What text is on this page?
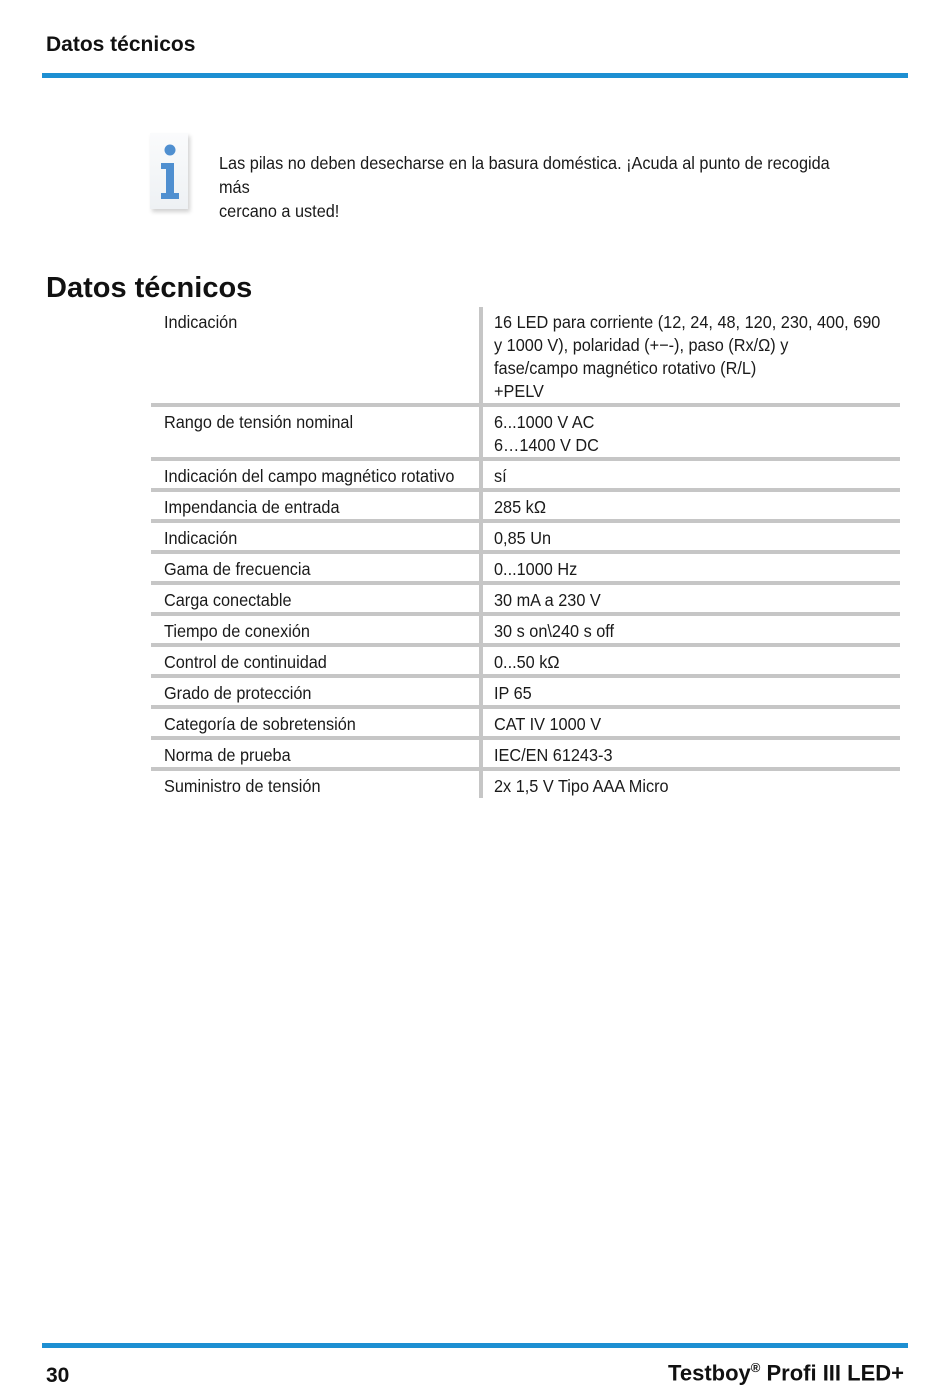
Datos técnicos
Las pilas no deben desecharse en la basura doméstica. ¡Acuda al punto de recogida más
cercano a usted!
Datos técnicos
Indicación	16 LED para corriente (12, 24, 48, 120, 230, 400, 690
y 1000 V), polaridad (+−-), paso (Rx/Ω) y
fase/campo magnético rotativo (R/L)
+PELV

Rango de tensión nominal	6...1000 V AC
6…1400 V DC

Indicación del campo magnético rotativo	sí

Impendancia de entrada	285 kΩ

Indicación	0,85 Un

Gama de frecuencia	0...1000 Hz

Carga conectable	30 mA a 230 V

Tiempo de conexión	30 s on\240 s off

Control de continuidad	0...50 kΩ

Grado de protección	IP 65

Categoría de sobretensión	CAT IV 1000 V

Norma de prueba	IEC/EN 61243-3

Suministro de tensión	2x 1,5 V Tipo AAA Micro
30	Testboy® Profi III LED+
